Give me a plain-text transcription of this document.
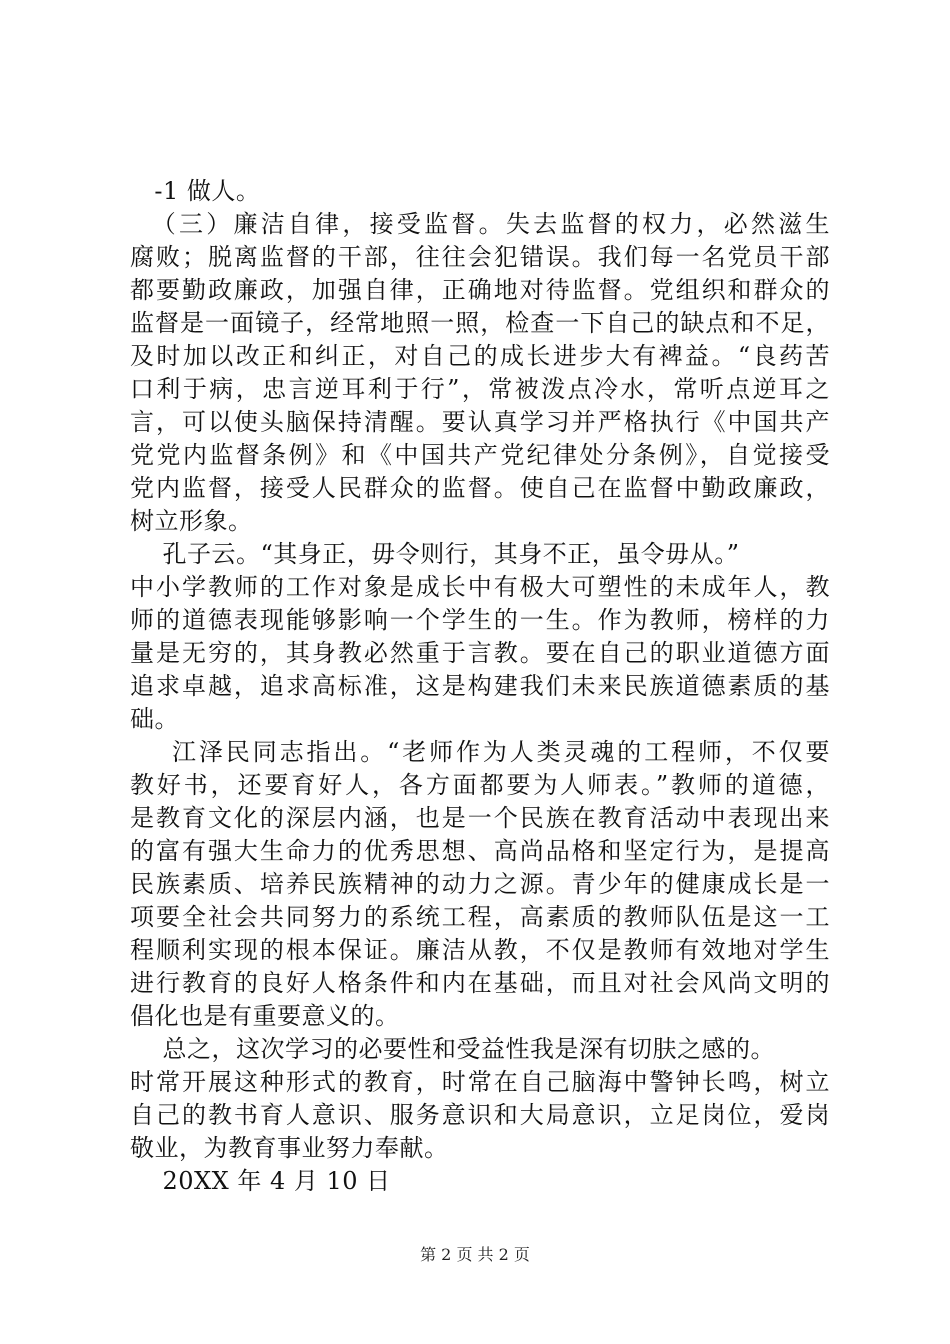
-1 做人。
（三）廉洁自律，接受监督。失去监督的权力，必然滋生
腐败；脱离监督的干部，往往会犯错误。我们每一名党员干部
都要勤政廉政，加强自律，正确地对待监督。党组织和群众的
监督是一面镜子，经常地照一照，检查一下自己的缺点和不足，
及时加以改正和纠正，对自己的成长进步大有裨益。“良药苦
口利于病，忠言逆耳利于行”，常被泼点冷水，常听点逆耳之
言，可以使头脑保持清醒。要认真学习并严格执行《中国共产
党党内监督条例》和《中国共产党纪律处分条例》，自觉接受
党内监督，接受人民群众的监督。使自己在监督中勤政廉政，
树立形象。
孔子云。“其身正，毋令则行，其身不正，虽令毋从。”
中小学教师的工作对象是成长中有极大可塑性的未成年人，教
师的道德表现能够影响一个学生的一生。作为教师，榜样的力
量是无穷的，其身教必然重于言教。要在自己的职业道德方面
追求卓越，追求高标准，这是构建我们未来民族道德素质的基
础。
江泽民同志指出。“老师作为人类灵魂的工程师，不仅要
教好书，还要育好人，各方面都要为人师表。”教师的道德，
是教育文化的深层内涵，也是一个民族在教育活动中表现出来
的富有强大生命力的优秀思想、高尚品格和坚定行为，是提高
民族素质、培养民族精神的动力之源。青少年的健康成长是一
项要全社会共同努力的系统工程，高素质的教师队伍是这一工
程顺利实现的根本保证。廉洁从教，不仅是教师有效地对学生
进行教育的良好人格条件和内在基础，而且对社会风尚文明的
倡化也是有重要意义的。
总之，这次学习的必要性和受益性我是深有切肤之感的。
时常开展这种形式的教育，时常在自己脑海中警钟长鸣，树立
自己的教书育人意识、服务意识和大局意识，立足岗位，爱岗
敬业，为教育事业努力奉献。
20XX 年 4 月 10 日
第 2 页 共 2 页
